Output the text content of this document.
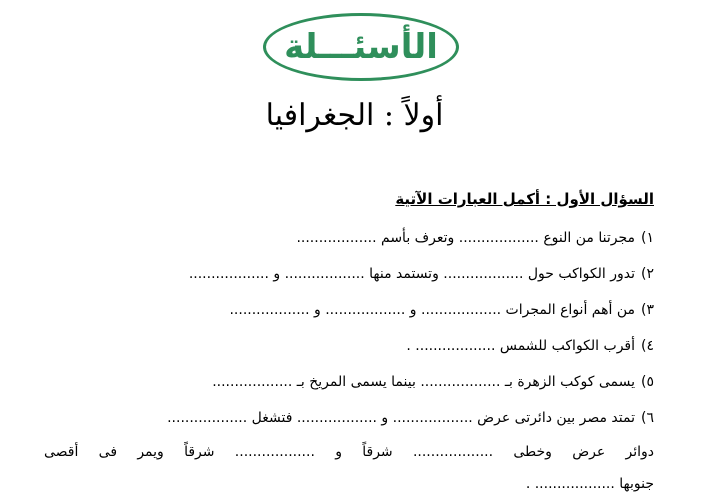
الأسئـــلة
أولاً : الجغرافيا
السؤال الأول : أكمل العبارات الآتية
١)مجرتنا من النوع .................. وتعرف بأسم ..................
٢)تدور الكواكب حول .................. وتستمد منها .................. و ..................
٣)من أهم أنواع المجرات .................. و .................. و ..................
٤)أقرب الكواكب للشمس .................. .
٥)يسمى كوكب الزهرة بـ .................. بينما يسمى المريخ بـ ..................
٦)تمتد مصر بين دائرتى عرض .................. و .................. فتشغل ..................
دوائر عرض وخطى .................. شرقاً و .................. شرقاً ويمر فى أقصى
جنوبها .................. .
